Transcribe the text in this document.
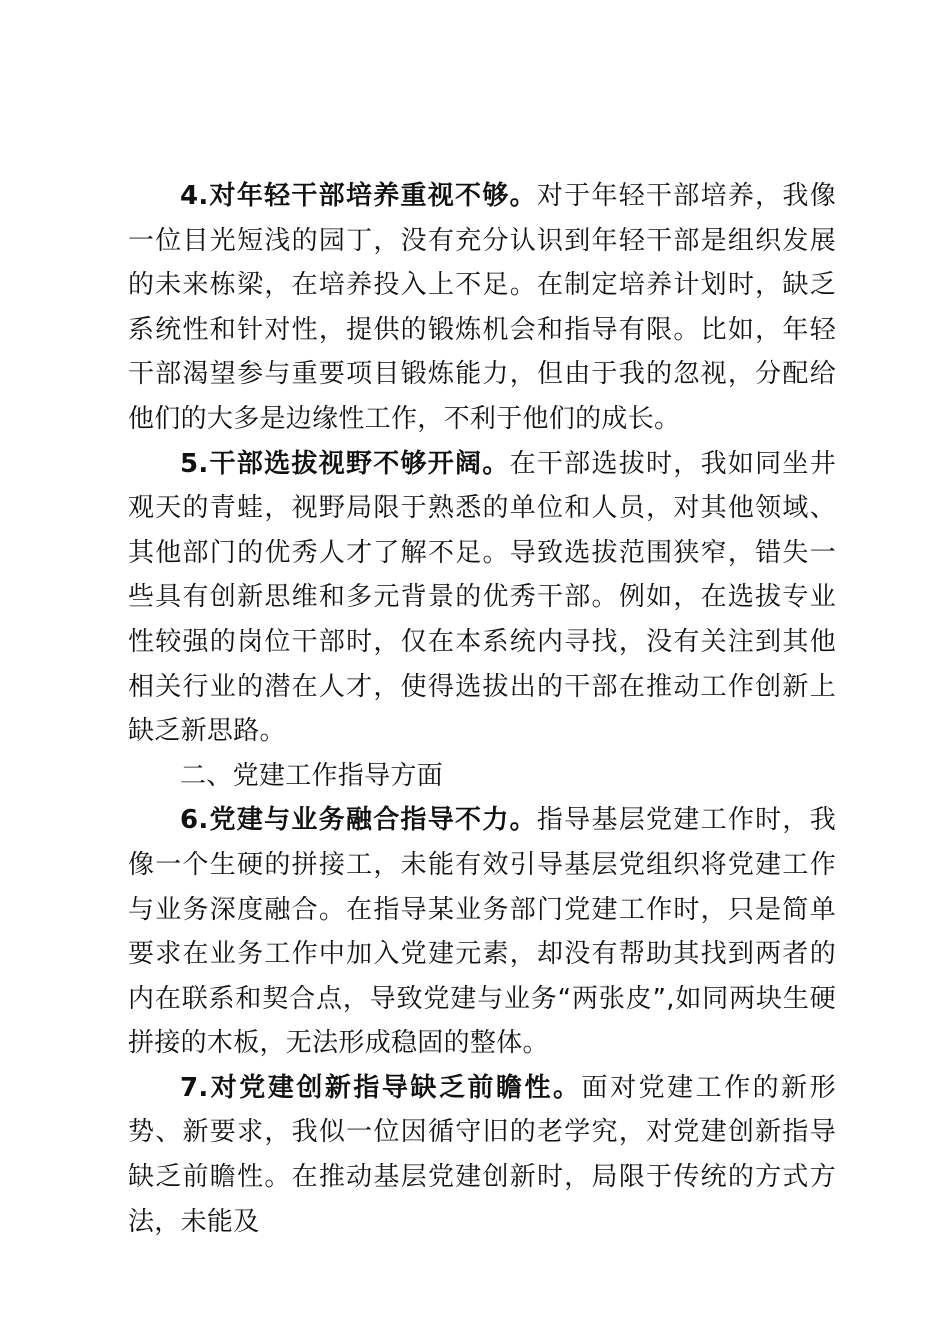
4.对年轻干部培养重视不够。对于年轻干部培养，我像一位目光短浅的园丁，没有充分认识到年轻干部是组织发展的未来栋梁，在培养投入上不足。在制定培养计划时，缺乏系统性和针对性，提供的锻炼机会和指导有限。比如，年轻干部渴望参与重要项目锻炼能力，但由于我的忽视，分配给他们的大多是边缘性工作，不利于他们的成长。

5.干部选拔视野不够开阔。在干部选拔时，我如同坐井观天的青蛙，视野局限于熟悉的单位和人员，对其他领域、其他部门的优秀人才了解不足。导致选拔范围狭窄，错失一些具有创新思维和多元背景的优秀干部。例如，在选拔专业性较强的岗位干部时，仅在本系统内寻找，没有关注到其他相关行业的潜在人才，使得选拔出的干部在推动工作创新上缺乏新思路。

二、党建工作指导方面

6.党建与业务融合指导不力。指导基层党建工作时，我像一个生硬的拼接工，未能有效引导基层党组织将党建工作与业务深度融合。在指导某业务部门党建工作时，只是简单要求在业务工作中加入党建元素，却没有帮助其找到两者的内在联系和契合点，导致党建与业务“两张皮”,如同两块生硬拼接的木板，无法形成稳固的整体。

7.对党建创新指导缺乏前瞻性。面对党建工作的新形势、新要求，我似一位因循守旧的老学究，对党建创新指导缺乏前瞻性。在推动基层党建创新时，局限于传统的方式方法，未能及
